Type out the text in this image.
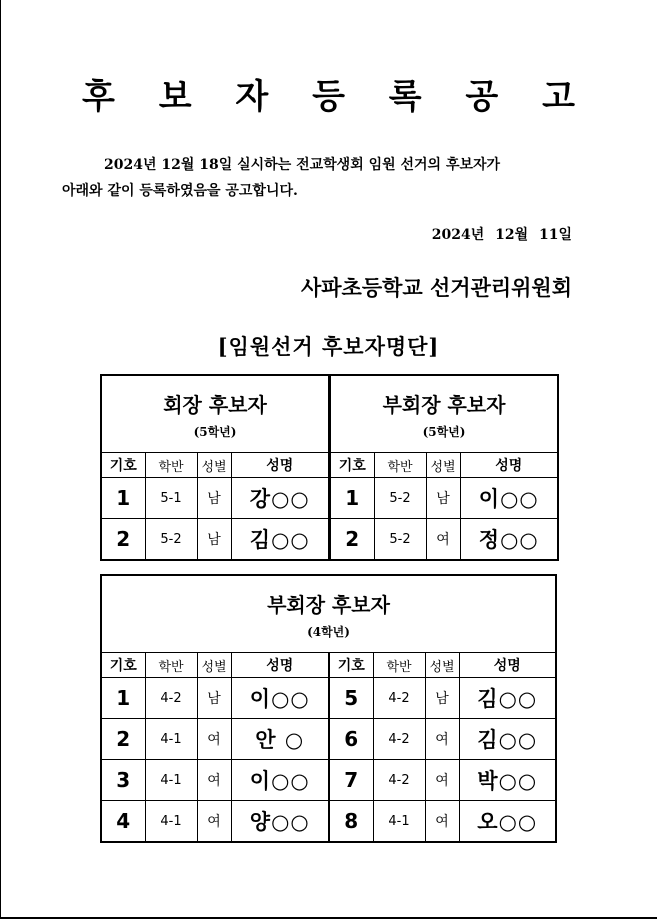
후 보 자 등 록 공 고
2024년 12월 18일 실시하는 전교학생회 임원 선거의 후보자가
아래와 같이 등록하였음을 공고합니다.
2024년 12월 11일
사파초등학교 선거관리위원회
[임원선거 후보자명단]
회장 후보자
(5학년)			

기호	학반	성별	성명
1	5-1	남	강○○
2	5-2	남	김○○
부회장 후보자
(5학년)			

기호	학반	성별	성명
1	5-2	남	이○○
2	5-2	여	정○○
부회장 후보자
(4학년)							

기호	학반	성별	성명	기호	학반	성별	성명
1	4-2	남	이○○	5	4-2	남	김○○
2	4-1	여	안 ○	6	4-2	여	김○○
3	4-1	여	이○○	7	4-2	여	박○○
4	4-1	여	양○○	8	4-1	여	오○○
